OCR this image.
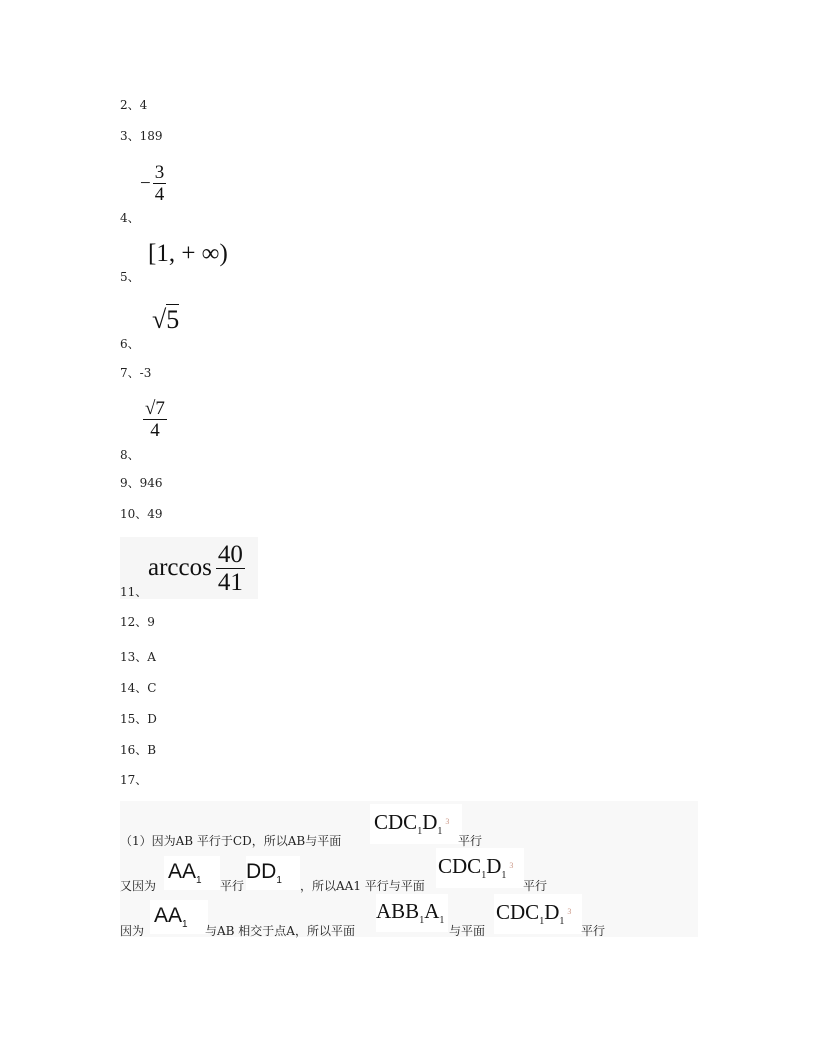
2、4
3、189
− $\frac{3}{4}$
4、
[1, + ∞)
5、
√5
6、
7、-3
$\frac{√7}{4}$
8、
9、946
10、49
$\arccos \frac{40}{41}$
11、
12、9
13、A
14、C
15、D
16、B
17、
（1）因为AB 平行于CD，所以AB与平面
$CDC_1D_1^3$
平行
又因为
$AA_1$	平行
$DD_1$	，所以AA1 平行与平面
$CDC_1D_1^3$
平行
因为
$AA_1$	与AB 相交于点A，所以平面
$ABB_1A_1$
与平面
$CDC_1D_1^3$
平行
